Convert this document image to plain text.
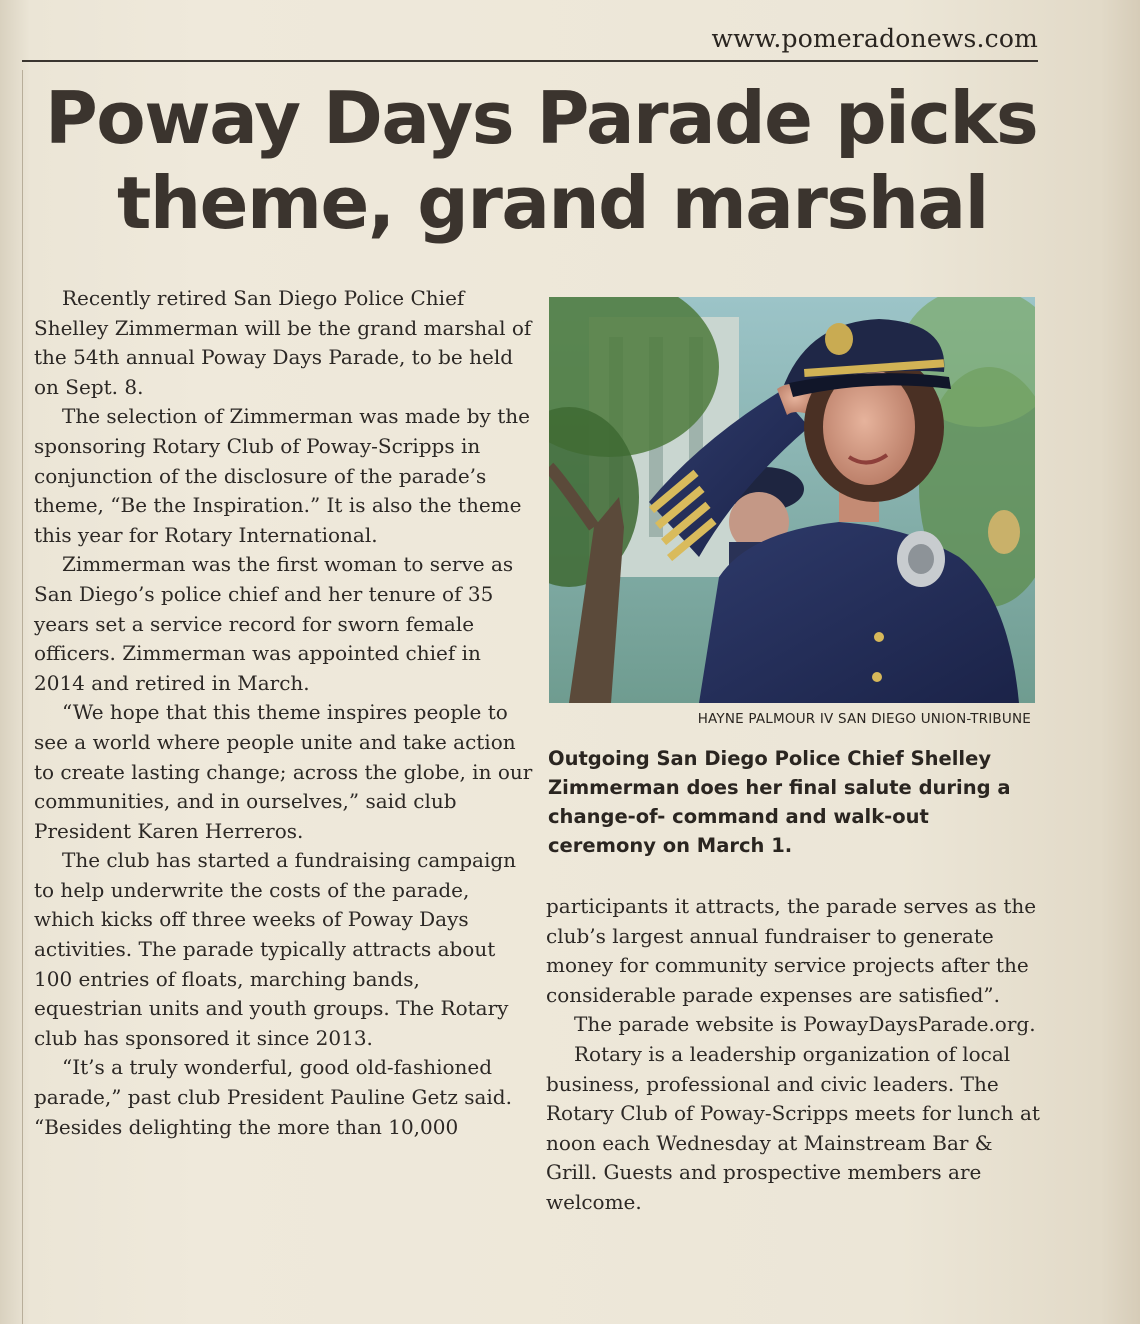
www.pomeradonews.com
Poway Days Parade picks
theme, grand marshal

Recently retired San Diego Police Chief Shelley Zimmerman will be the grand marshal of the 54th annual Poway Days Parade, to be held on Sept. 8.

The selection of Zimmerman was made by the sponsoring Rotary Club of Poway-Scripps in conjunction of the disclosure of the parade’s theme, “Be the Inspiration.” It is also the theme this year for Rotary International.

Zimmerman was the first woman to serve as San Diego’s police chief and her tenure of 35 years set a service record for sworn female officers. Zimmerman was appointed chief in 2014 and retired in March.

“We hope that this theme inspires people to see a world where people unite and take action to create lasting change; across the globe, in our communities, and in ourselves,” said club President Karen Herreros.

The club has started a fundraising campaign to help underwrite the costs of the parade, which kicks off three weeks of Poway Days activities. The parade typically attracts about 100 entries of floats, marching bands, equestrian units and youth groups. The Rotary club has sponsored it since 2013.

“It’s a truly wonderful, good old-fashioned parade,” past club President Pauline Getz said. “Besides delighting the more than 10,000

HAYNE PALMOUR IV SAN DIEGO UNION-TRIBUNE

Outgoing San Diego Police Chief Shelley Zimmerman does her final salute during a change-of- command and walk-out ceremony on March 1.

participants it attracts, the parade serves as the club’s largest annual fundraiser to generate money for community service projects after the considerable parade expenses are satisfied”.

The parade website is PowayDaysParade.org.

Rotary is a leadership organization of local business, professional and civic leaders. The Rotary Club of Poway-Scripps meets for lunch at noon each Wednesday at Mainstream Bar & Grill. Guests and prospective members are welcome.
